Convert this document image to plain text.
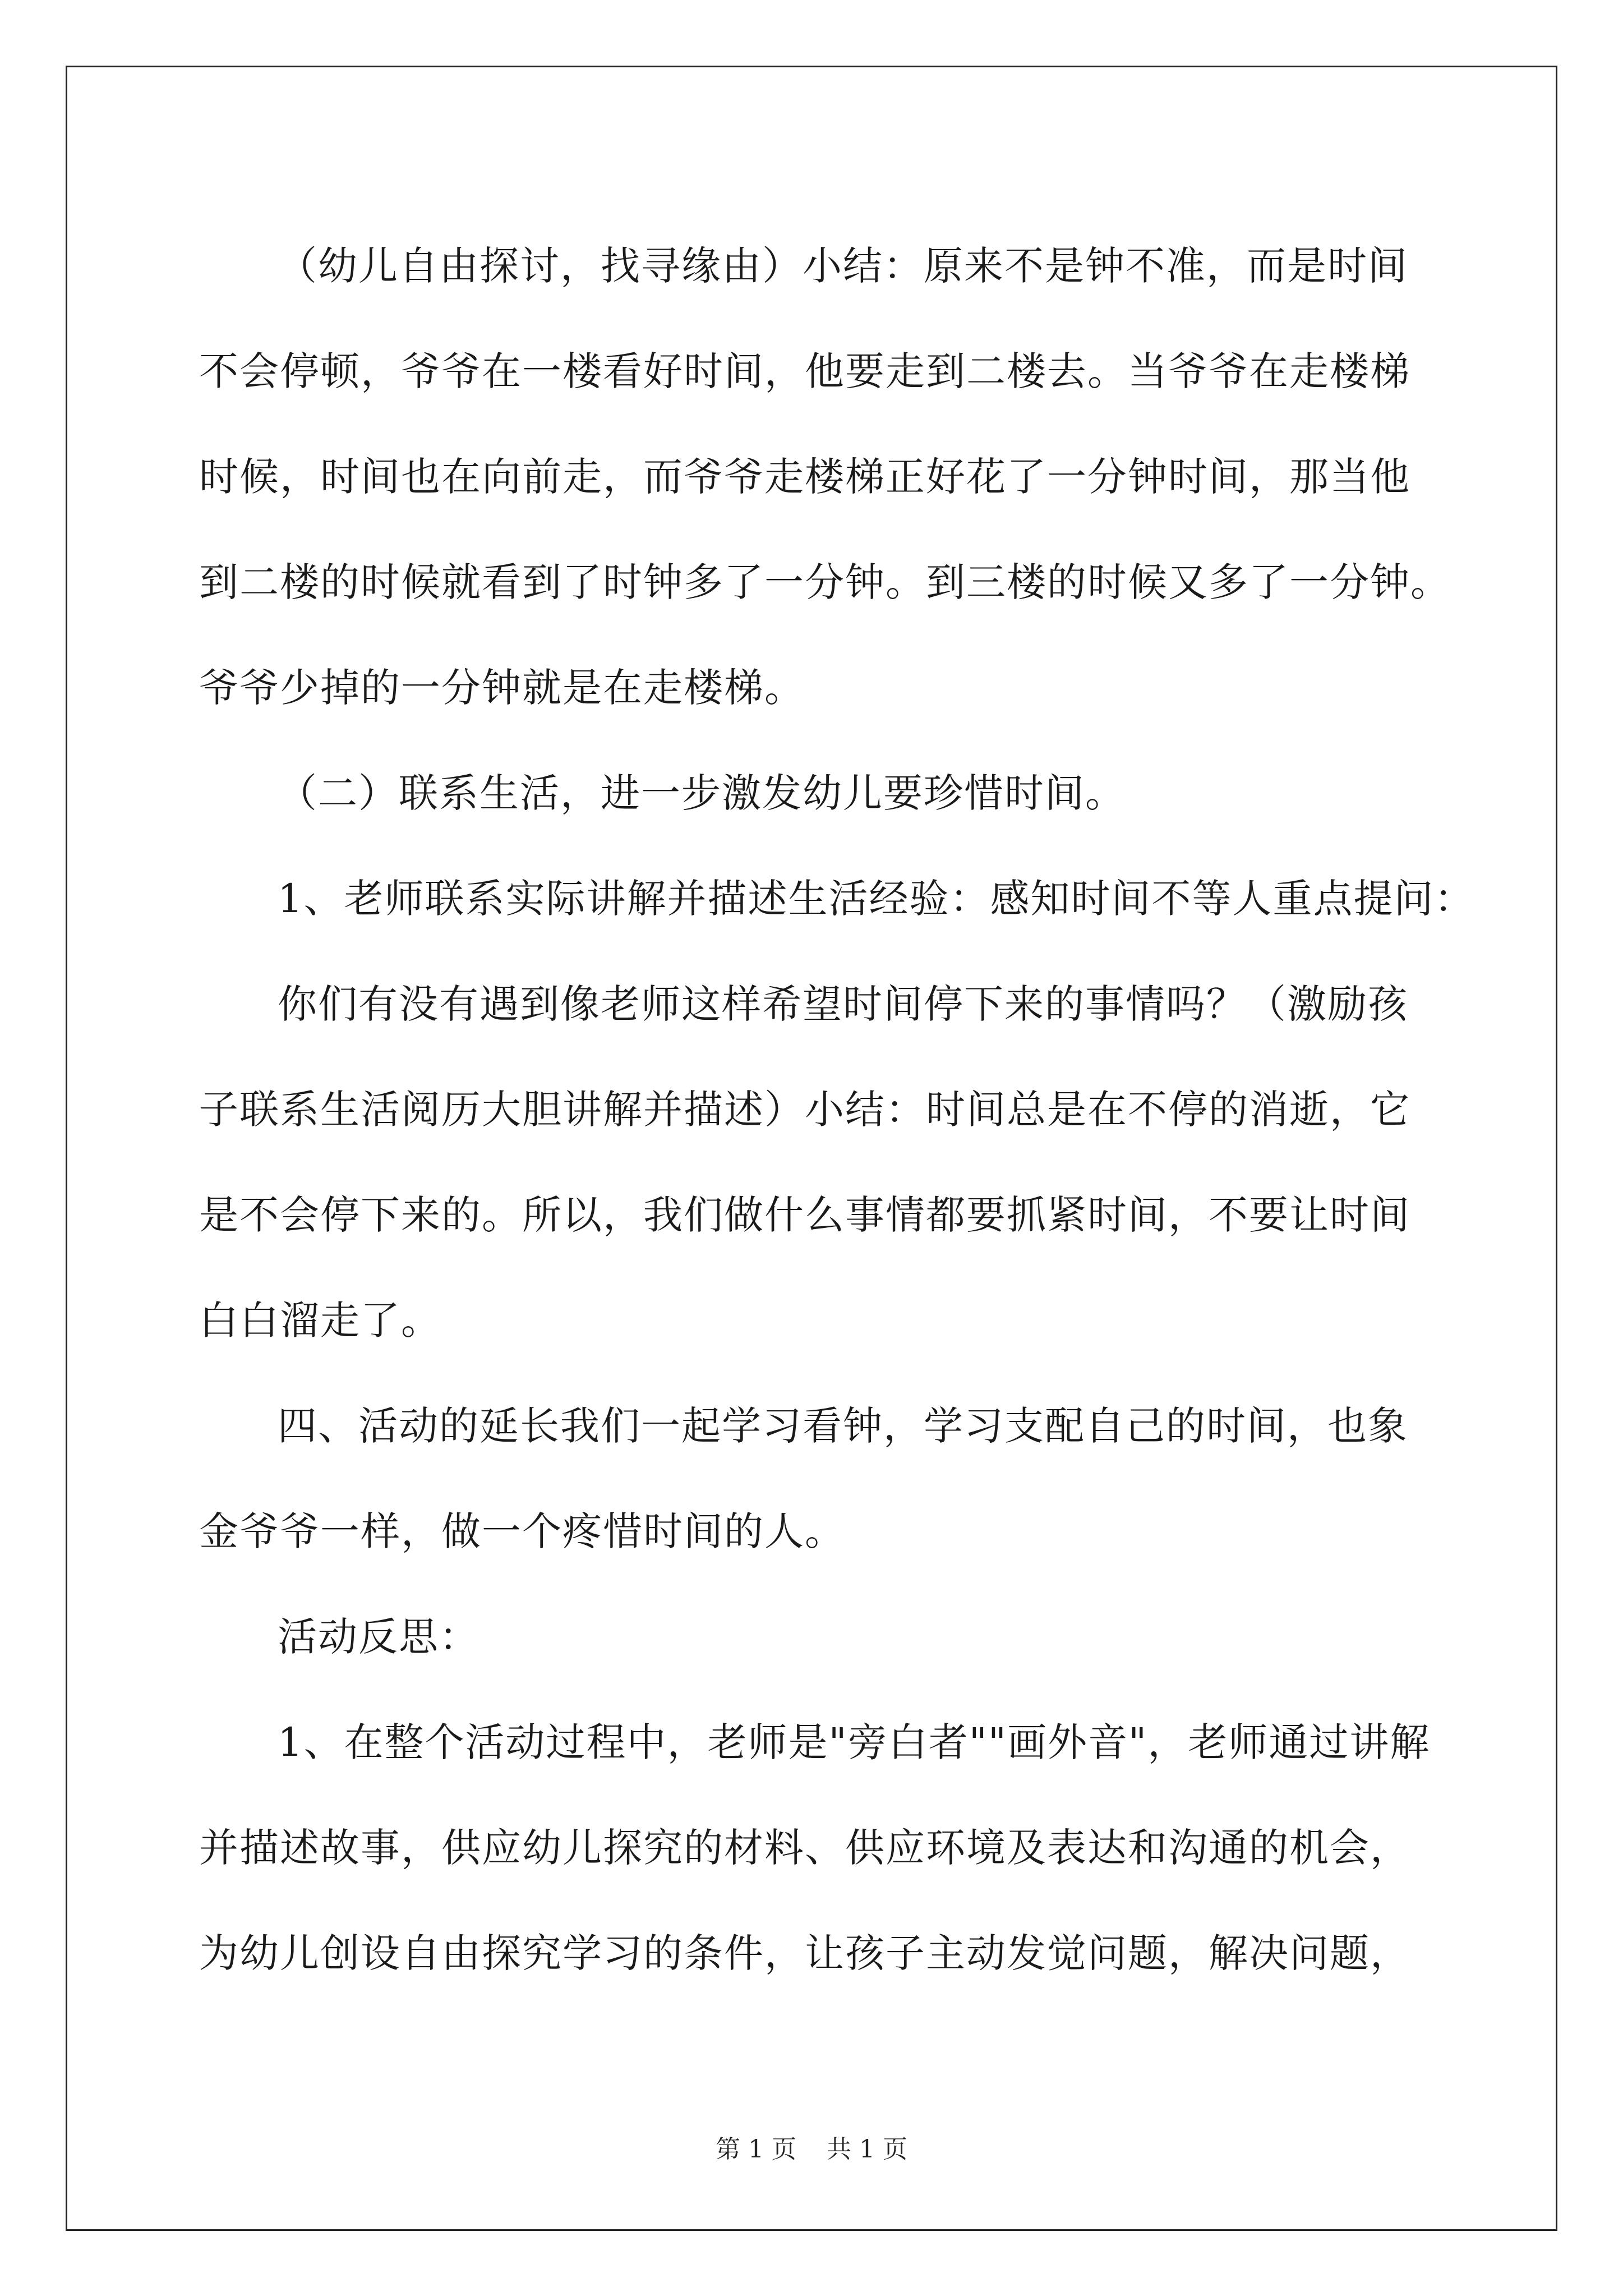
（幼儿自由探讨，找寻缘由）小结：原来不是钟不准，而是时间
不会停顿，爷爷在一楼看好时间，他要走到二楼去。当爷爷在走楼梯
时候，时间也在向前走，而爷爷走楼梯正好花了一分钟时间，那当他
到二楼的时候就看到了时钟多了一分钟。到三楼的时候又多了一分钟。
爷爷少掉的一分钟就是在走楼梯。
（二）联系生活，进一步激发幼儿要珍惜时间。
1、老师联系实际讲解并描述生活经验：感知时间不等人重点提问：
你们有没有遇到像老师这样希望时间停下来的事情吗？（激励孩
子联系生活阅历大胆讲解并描述）小结：时间总是在不停的消逝，它
是不会停下来的。所以，我们做什么事情都要抓紧时间，不要让时间
白白溜走了。
四、活动的延长我们一起学习看钟，学习支配自己的时间，也象
金爷爷一样，做一个疼惜时间的人。
活动反思：
1、在整个活动过程中，老师是"旁白者""画外音"，老师通过讲解
并描述故事，供应幼儿探究的材料、供应环境及表达和沟通的机会，
为幼儿创设自由探究学习的条件，让孩子主动发觉问题，解决问题，
第 1 页 共 1 页
